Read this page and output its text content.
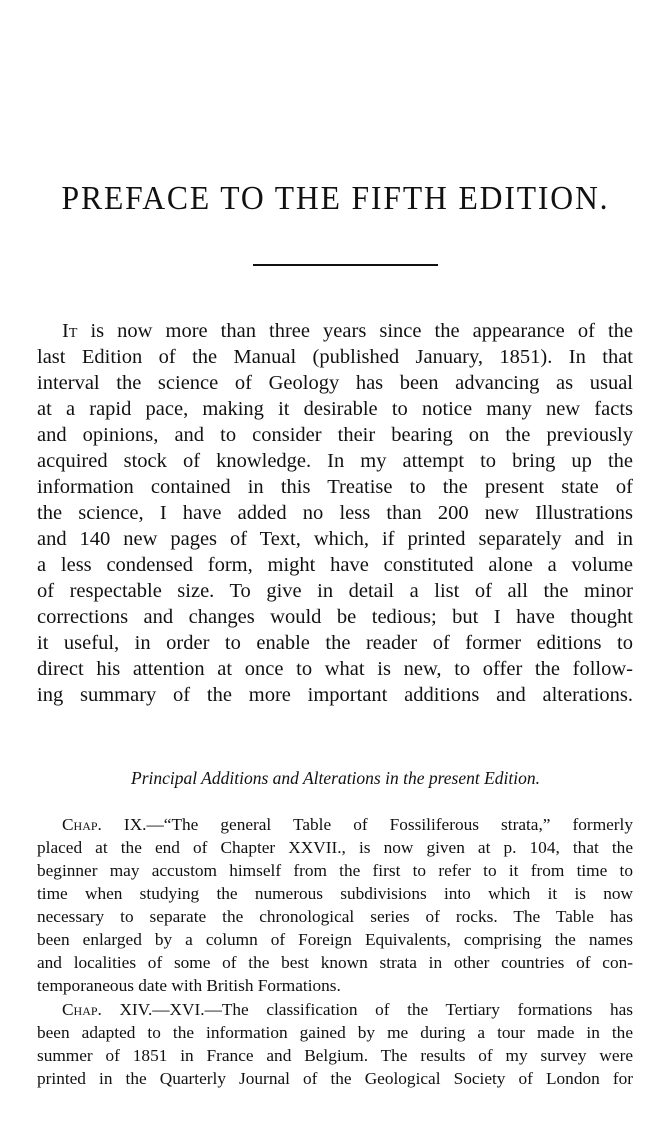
PREFACE TO THE FIFTH EDITION.
It is now more than three years since the appearance of the
last Edition of the Manual (published January, 1851). In that
interval the science of Geology has been advancing as usual
at a rapid pace, making it desirable to notice many new facts
and opinions, and to consider their bearing on the previously
acquired stock of knowledge. In my attempt to bring up the
information contained in this Treatise to the present state of
the science, I have added no less than 200 new Illustrations
and 140 new pages of Text, which, if printed separately and in
a less condensed form, might have constituted alone a volume
of respectable size. To give in detail a list of all the minor
corrections and changes would be tedious; but I have thought
it useful, in order to enable the reader of former editions to
direct his attention at once to what is new, to offer the follow-
ing summary of the more important additions and alterations.
Principal Additions and Alterations in the present Edition.
Chap. IX.—“The general Table of Fossiliferous strata,” formerly
placed at the end of Chapter XXVII., is now given at p. 104, that the
beginner may accustom himself from the first to refer to it from time to
time when studying the numerous subdivisions into which it is now
necessary to separate the chronological series of rocks. The Table has
been enlarged by a column of Foreign Equivalents, comprising the names
and localities of some of the best known strata in other countries of con-
temporaneous date with British Formations.
Chap. XIV.—XVI.—The classification of the Tertiary formations has
been adapted to the information gained by me during a tour made in the
summer of 1851 in France and Belgium. The results of my survey were
printed in the Quarterly Journal of the Geological Society of London for
